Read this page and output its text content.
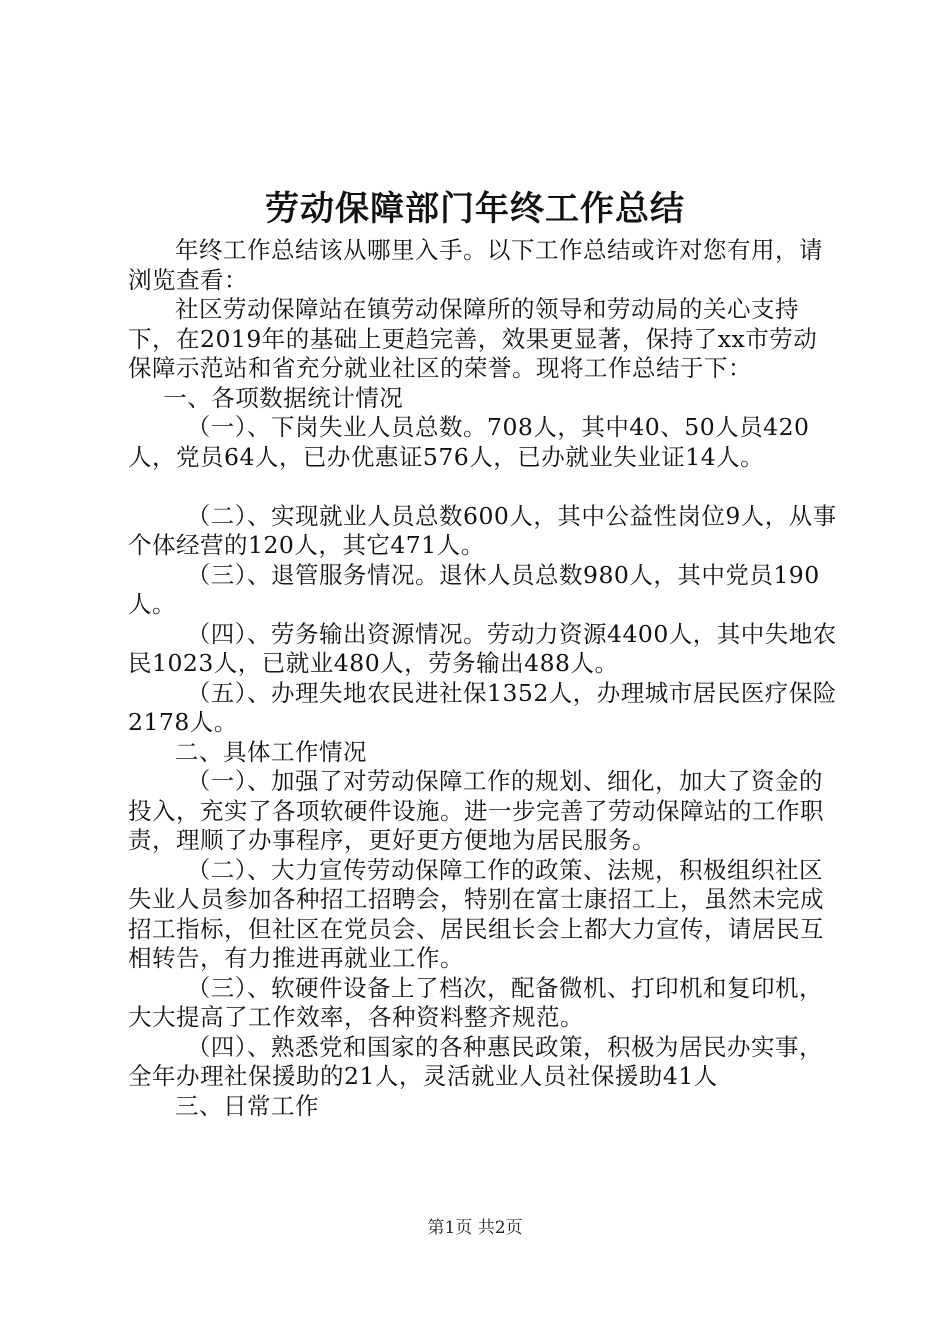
劳动保障部门年终工作总结

年终工作总结该从哪里入手。以下工作总结或许对您有用，请浏览查看：

社区劳动保障站在镇劳动保障所的领导和劳动局的关心支持下，在2019年的基础上更趋完善，效果更显著，保持了xx市劳动保障示范站和省充分就业社区的荣誉。现将工作总结于下：

一、各项数据统计情况

（一）、下岗失业人员总数。708人，其中40、50人员420人，党员64人，已办优惠证576人，已办就业失业证14人。

（二）、实现就业人员总数600人，其中公益性岗位9人，从事个体经营的120人，其它471人。

（三）、退管服务情况。退休人员总数980人，其中党员190人。

（四）、劳务输出资源情况。劳动力资源4400人，其中失地农民1023人，已就业480人，劳务输出488人。

（五）、办理失地农民进社保1352人，办理城市居民医疗保险2178人。

二、具体工作情况

（一）、加强了对劳动保障工作的规划、细化，加大了资金的投入，充实了各项软硬件设施。进一步完善了劳动保障站的工作职责，理顺了办事程序，更好更方便地为居民服务。

（二）、大力宣传劳动保障工作的政策、法规，积极组织社区失业人员参加各种招工招聘会，特别在富士康招工上，虽然未完成招工指标，但社区在党员会、居民组长会上都大力宣传，请居民互相转告，有力推进再就业工作。

（三）、软硬件设备上了档次，配备微机、打印机和复印机，大大提高了工作效率，各种资料整齐规范。

（四）、熟悉党和国家的各种惠民政策，积极为居民办实事，全年办理社保援助的21人，灵活就业人员社保援助41人

三、日常工作

第1页 共2页
